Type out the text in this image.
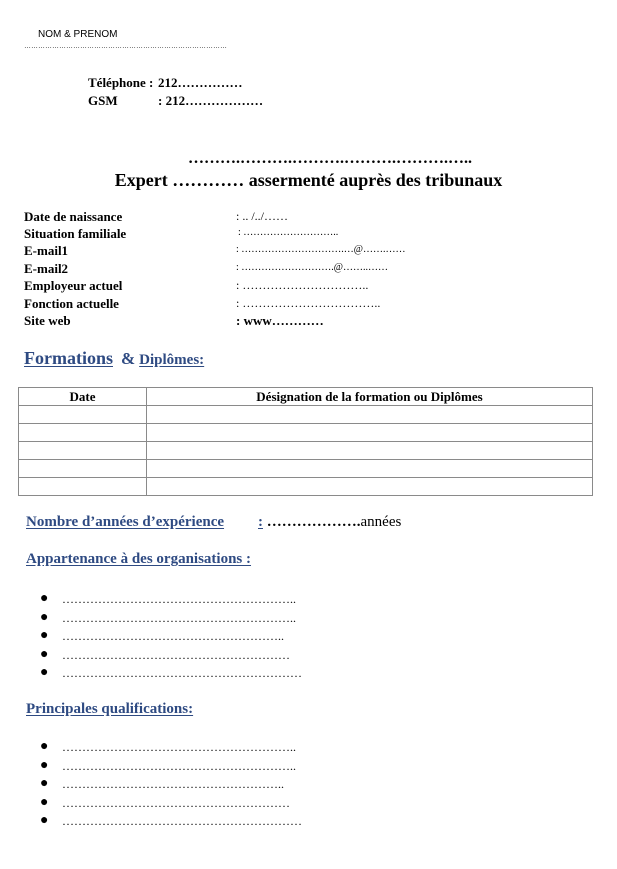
NOM & PRENOM
……………………………………………………………………………
Téléphone : 212……………
GSM	: 212………………
……….……….……….……….……….…..
Expert ………… assermenté auprès des tribunaux
Date de naissance	: .. /../……
Situation familiale	: ………………………..
E-mail1	: ………………………….…@…….……
E-mail2	: ……………………….@……..……
Employeur actuel	: …………………………..
Fonction actuelle	: ……………………………..
Site web	: www…………
Formations & Diplômes:
Date	Désignation de la formation ou Diplômes

Nombre d’années d’expérience : ……………….années
Appartenance à des organisations :
● …………………………………………………..
● …………………………………………………..
● ………………………………………………..
● …………………………………………………
● ……………………………………………………
Principales qualifications:
● …………………………………………………..
● …………………………………………………..
● ………………………………………………..
● …………………………………………………
● ……………………………………………………
